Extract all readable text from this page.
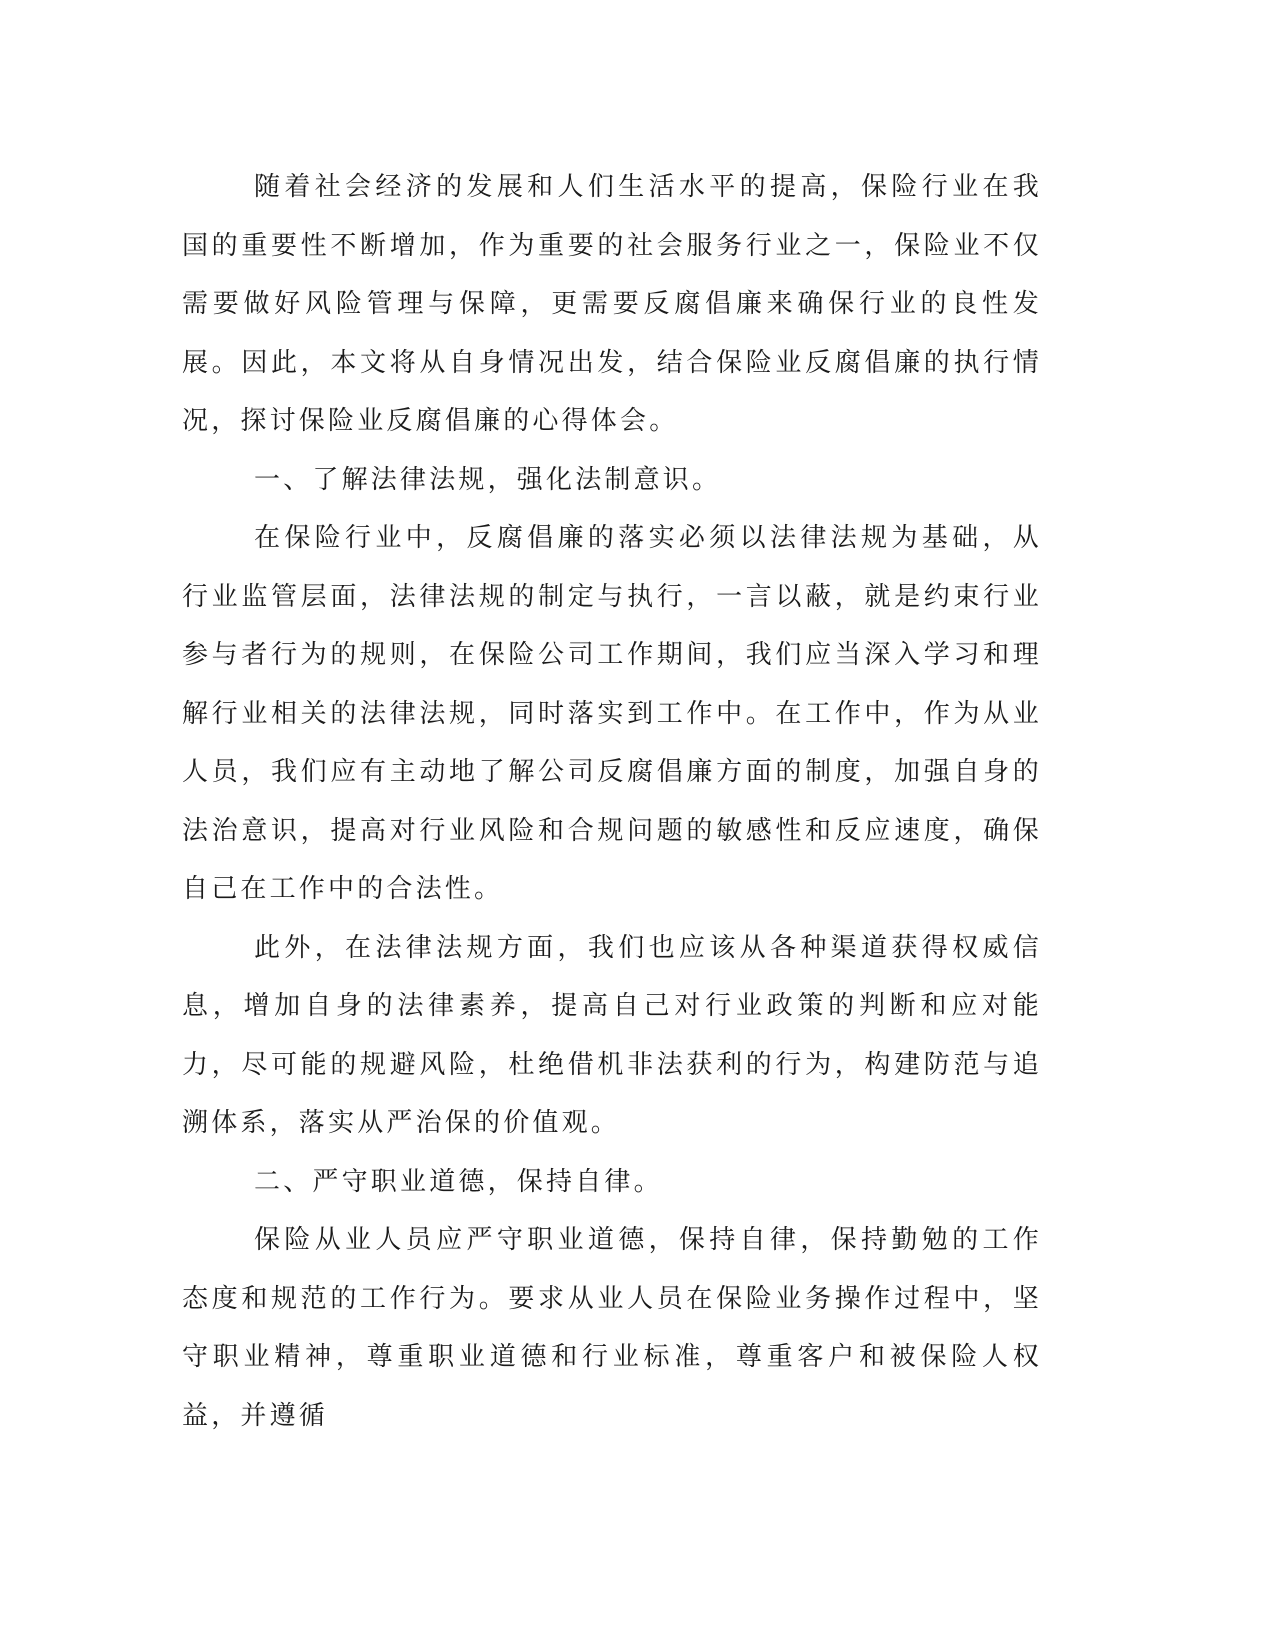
随着社会经济的发展和人们生活水平的提高，保险行业在我国的重要性不断增加，作为重要的社会服务行业之一，保险业不仅需要做好风险管理与保障，更需要反腐倡廉来确保行业的良性发展。因此，本文将从自身情况出发，结合保险业反腐倡廉的执行情况，探讨保险业反腐倡廉的心得体会。

一、了解法律法规，强化法制意识。

在保险行业中，反腐倡廉的落实必须以法律法规为基础，从行业监管层面，法律法规的制定与执行，一言以蔽，就是约束行业参与者行为的规则，在保险公司工作期间，我们应当深入学习和理解行业相关的法律法规，同时落实到工作中。在工作中，作为从业人员，我们应有主动地了解公司反腐倡廉方面的制度，加强自身的法治意识，提高对行业风险和合规问题的敏感性和反应速度，确保自己在工作中的合法性。

此外，在法律法规方面，我们也应该从各种渠道获得权威信息，增加自身的法律素养，提高自己对行业政策的判断和应对能力，尽可能的规避风险，杜绝借机非法获利的行为，构建防范与追溯体系，落实从严治保的价值观。

二、严守职业道德，保持自律。

保险从业人员应严守职业道德，保持自律，保持勤勉的工作态度和规范的工作行为。要求从业人员在保险业务操作过程中，坚守职业精神，尊重职业道德和行业标准，尊重客户和被保险人权益，并遵循
